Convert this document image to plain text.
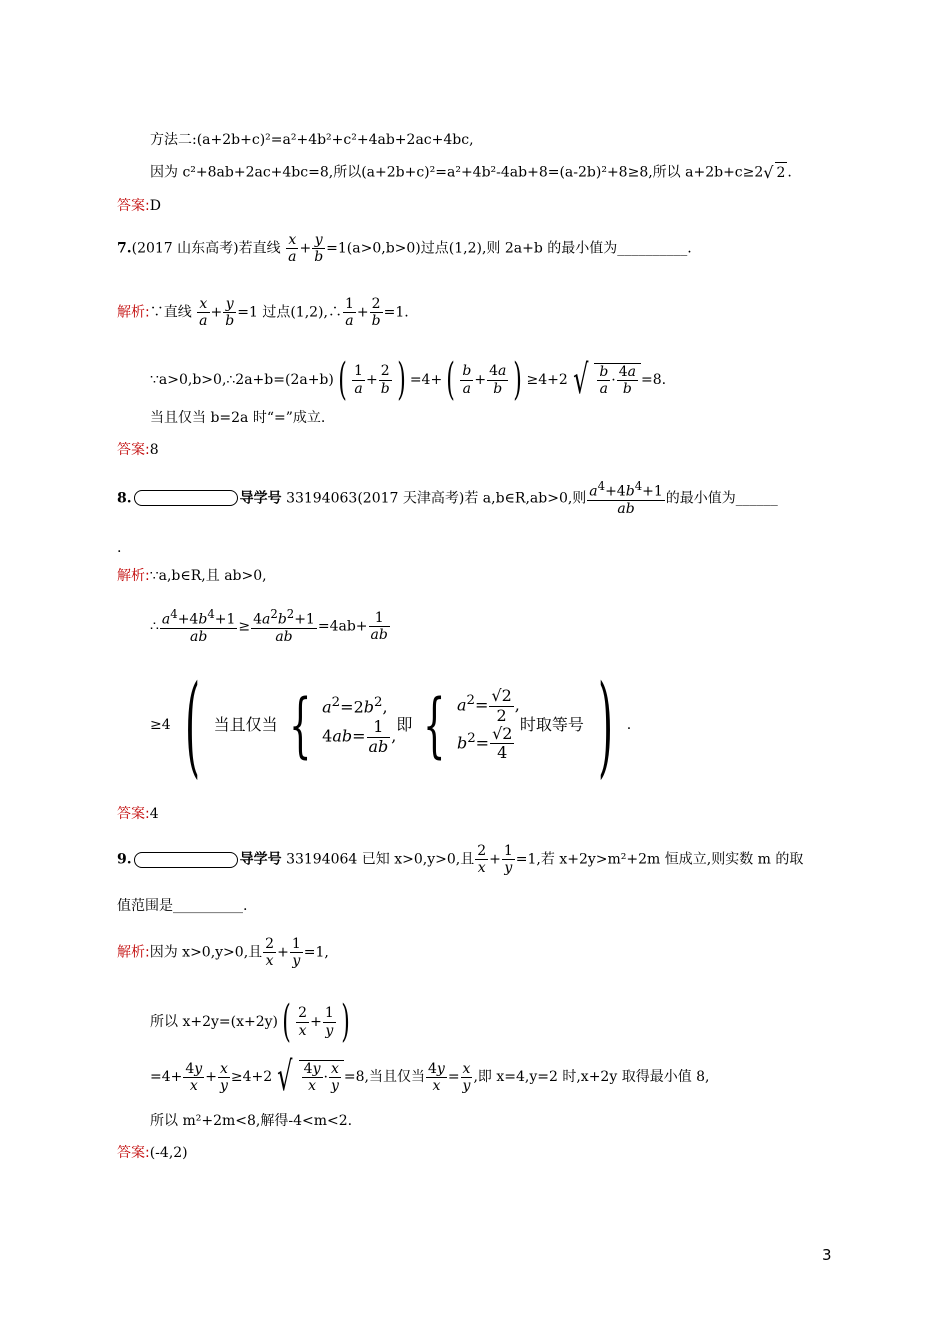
方法二:(a+2b+c)²=a²+4b²+c²+4ab+2ac+4bc,
因为 c²+8ab+2ac+4bc=8,所以(a+2b+c)²=a²+4b²-4ab+8=(a-2b)²+8≥8,所以 a+2b+c≥2√ 2 .
答案:D
7.(2017 山东高考)若直线 $\frac{x}{a} + \frac{y}{b} =1(a>0,b>0)$过点(1,2),则 2a+b 的最小值为__________.
解析:∵直线 $\frac{x}{a} + \frac{y}{b} =1$ 过点(1,2),∴ $\frac{1}{a} + \frac{2}{b} =1$.
∵a>0,b>0,∴2a+b=(2a+b)( $\frac{1}{a} + \frac{2}{b}$ ) $=4+( \frac{b}{a} + \frac{4a}{b}$ ) ≥4+2 √ $\frac{b}{a} \cdot \frac{4a}{b} =8$.
当且仅当 b=2a 时“=”成立.
答案:8
8.	导学号 33194063(2017 天津高考)若 a,b∈R,ab>0,则 $\frac{a^4+4b^4+1}{ab}$ 的最小值为______
.
解析:∵a,b∈R,且 ab>0,
∴ $\frac{a^4+4b^4+1}{ab} \ge \frac{4a^2b^2+1}{ab} =4ab+ \frac{1}{ab}$
≥4 ( 当且仅当 { $a^2=2b^2$,
$4ab= \frac{1}{ab}$ ,
即 { $a^2= \frac{√2}{2}$ ,
$b^2= \frac{√2}{4}$
时取等号 ) .
答案:4
9.	导学号 33194064 已知 x>0,y>0,且 $\frac{2}{x} + \frac{1}{y} =1$,若 x+2y>m²+2m 恒成立,则实数 m 的取
值范围是__________.
解析:因为 x>0,y>0,且 $\frac{2}{x} + \frac{1}{y} =1$,
所以 $x+2y=(x+2y)( \frac{2}{x} + \frac{1}{y}$ )
$=4+ \frac{4y}{x} + \frac{x}{y} \ge 4+2$ √ $\frac{4y}{x} \cdot \frac{x}{y} =8$,当且仅当 $\frac{4y}{x} = \frac{x}{y}$ ,即 x=4,y=2 时,x+2y 取得最小值 8,
所以 m²+2m<8,解得-4<m<2.
答案:(-4,2)
3
